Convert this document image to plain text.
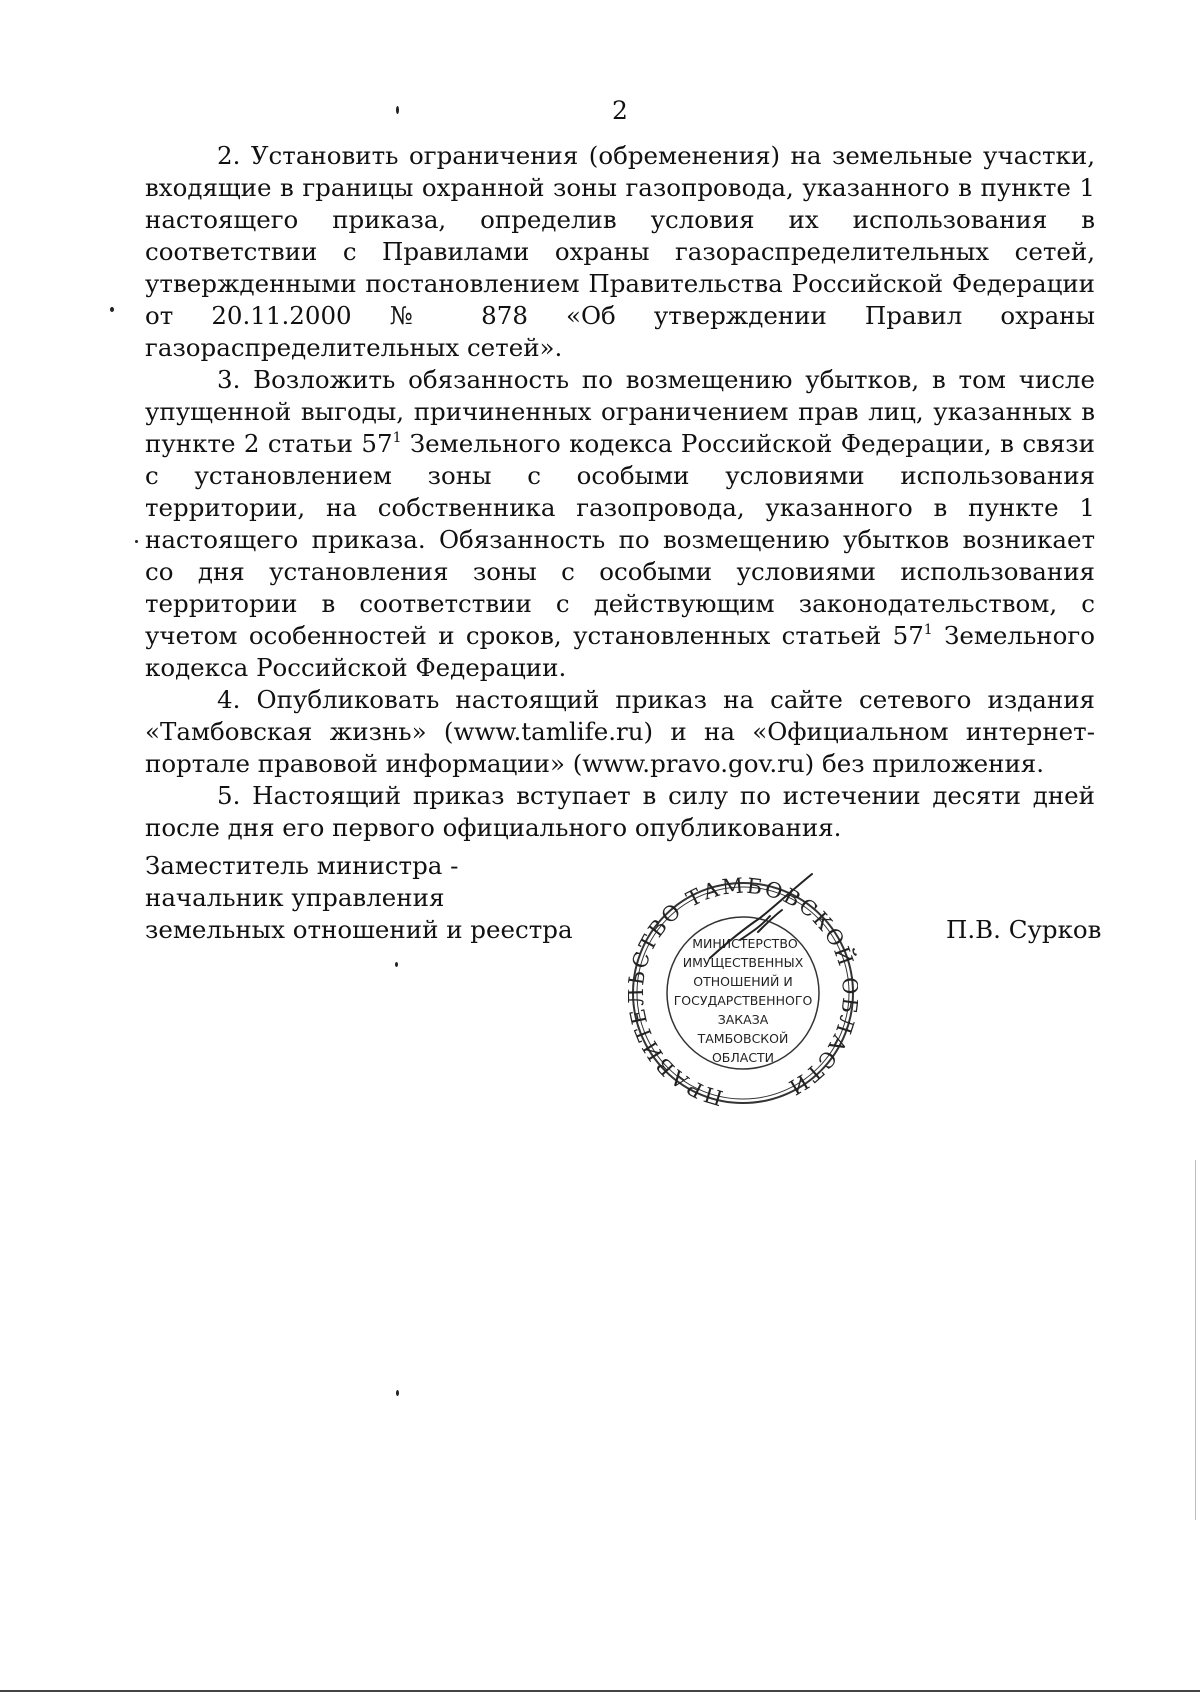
2

2. Установить ограничения (обременения) на земельные участки, входящие в границы охранной зоны газопровода, указанного в пункте 1 настоящего приказа, определив условия их использования в соответствии с Правилами охраны газораспределительных сетей, утвержденными постановлением Правительства Российской Федерации от 20.11.2000 № 878 «Об утверждении Правил охраны газораспределительных сетей».

3. Возложить обязанность по возмещению убытков, в том числе упущенной выгоды, причиненных ограничением прав лиц, указанных в пункте 2 статьи $57^1$ Земельного кодекса Российской Федерации, в связи с установлением зоны с особыми условиями использования территории, на собственника газопровода, указанного в пункте 1 настоящего приказа. Обязанность по возмещению убытков возникает со дня установления зоны с особыми условиями использования территории в соответствии с действующим законодательством, с учетом особенностей и сроков, установленных статьей $57^1$ Земельного кодекса Российской Федерации.

4. Опубликовать настоящий приказ на сайте сетевого издания «Тамбовская жизнь» (www.tamlife.ru) и на «Официальном интернет-портале правовой информации» (www.pravo.gov.ru) без приложения.

5. Настоящий приказ вступает в силу по истечении десяти дней после дня его первого официального опубликования.

Заместитель министра -
начальник управления
земельных отношений и реестра
ПРАВИТ СТВО ТАМБОВСКОЙ ЛАСТИ
МИНИСТЕРСТВО
ИМУЩЕСТВЕННЫХ
ОТНОШЕНИЙ И
ГОСУДАРСТВЕННОГО
ЗАКАЗА
ТАМБОВСКОЙ
ОБЛАСТИ
П.В. Сурков
